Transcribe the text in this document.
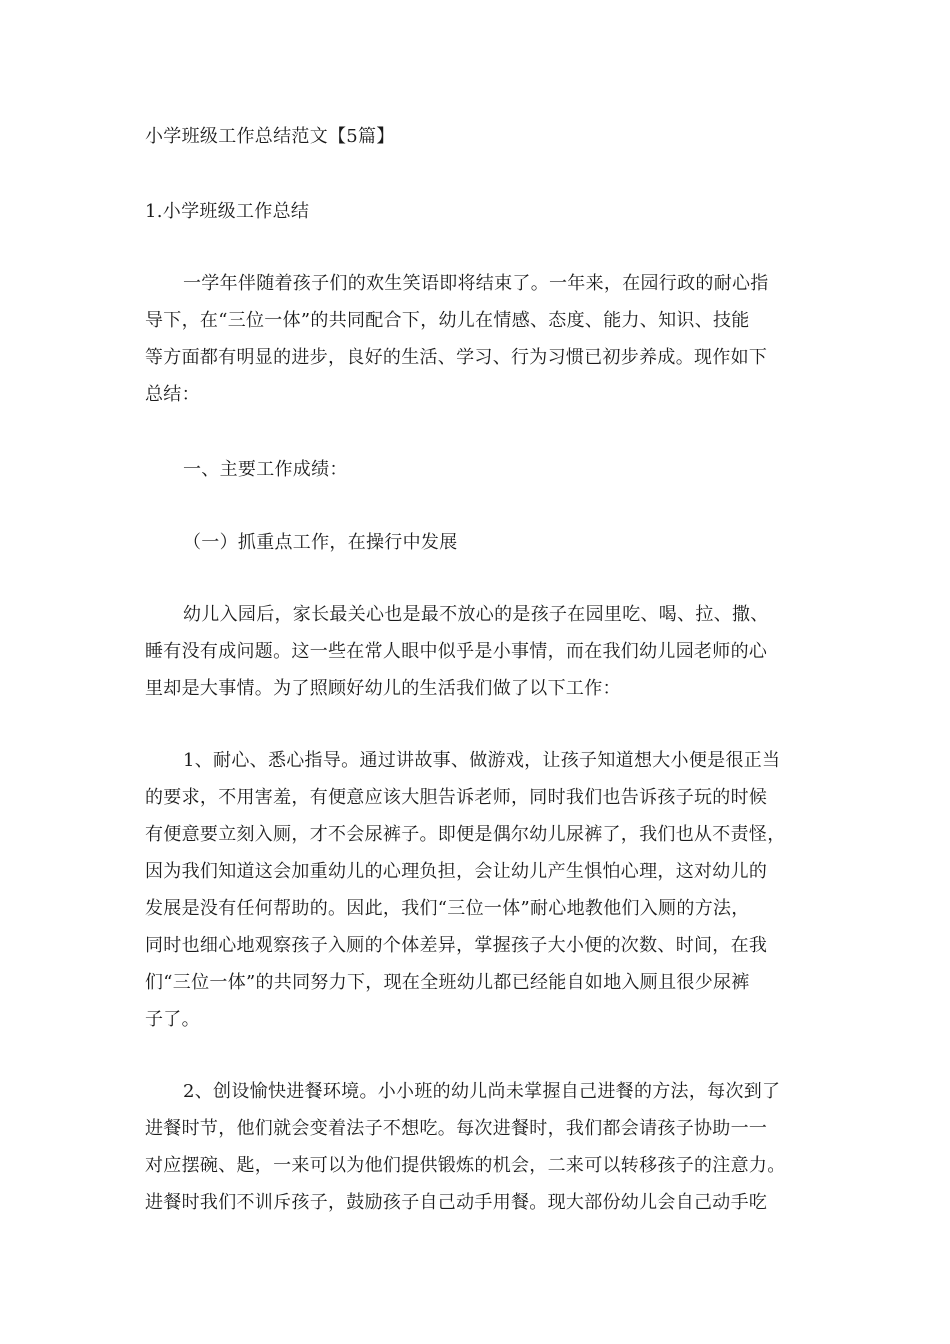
小学班级工作总结范文【5篇】
1.小学班级工作总结
一学年伴随着孩子们的欢生笑语即将结束了。一年来，在园行政的耐心指
导下，在“三位一体”的共同配合下，幼儿在情感、态度、能力、知识、技能
等方面都有明显的进步，良好的生活、学习、行为习惯已初步养成。现作如下
总结：
一、主要工作成绩：
（一）抓重点工作，在操行中发展
幼儿入园后，家长最关心也是最不放心的是孩子在园里吃、喝、拉、撒、
睡有没有成问题。这一些在常人眼中似乎是小事情，而在我们幼儿园老师的心
里却是大事情。为了照顾好幼儿的生活我们做了以下工作：
1、耐心、悉心指导。通过讲故事、做游戏，让孩子知道想大小便是很正当
的要求，不用害羞，有便意应该大胆告诉老师，同时我们也告诉孩子玩的时候
有便意要立刻入厕，才不会尿裤子。即便是偶尔幼儿尿裤了，我们也从不责怪，
因为我们知道这会加重幼儿的心理负担，会让幼儿产生惧怕心理，这对幼儿的
发展是没有任何帮助的。因此，我们“三位一体”耐心地教他们入厕的方法，
同时也细心地观察孩子入厕的个体差异，掌握孩子大小便的次数、时间，在我
们“三位一体”的共同努力下，现在全班幼儿都已经能自如地入厕且很少尿裤
子了。
2、创设愉快进餐环境。小小班的幼儿尚未掌握自己进餐的方法，每次到了
进餐时节，他们就会变着法子不想吃。每次进餐时，我们都会请孩子协助一一
对应摆碗、匙，一来可以为他们提供锻炼的机会，二来可以转移孩子的注意力。
进餐时我们不训斥孩子，鼓励孩子自己动手用餐。现大部份幼儿会自己动手吃
